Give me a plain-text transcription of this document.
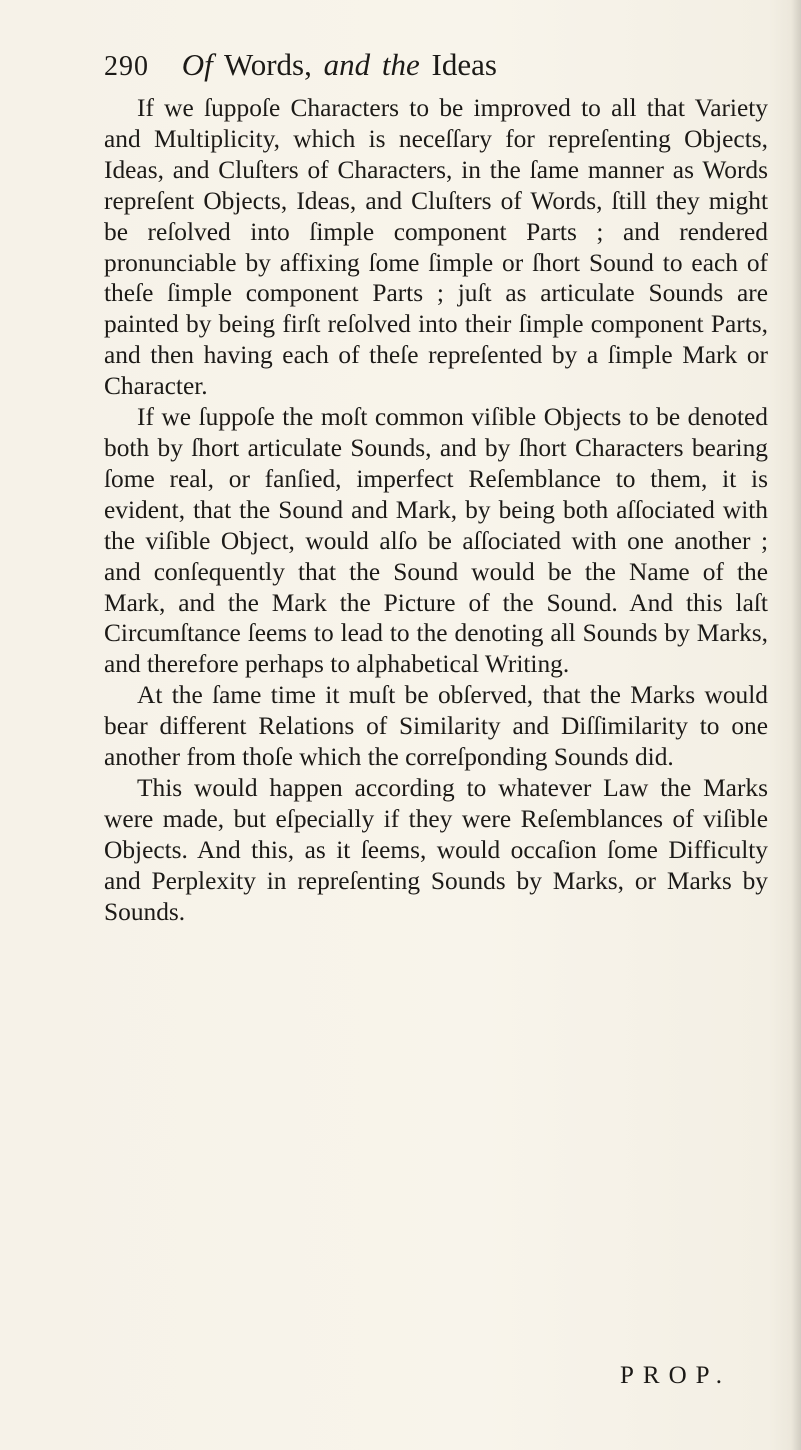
290 Of Words, and the Ideas

If we ſuppoſe Characters to be improved to all that Variety and Multiplicity, which is neceſſary for repreſenting Objects, Ideas, and Cluſters of Characters, in the ſame manner as Words repreſent Objects, Ideas, and Cluſters of Words, ſtill they might be reſolved into ſimple component Parts ; and rendered pronunciable by affixing ſome ſimple or ſhort Sound to each of theſe ſimple component Parts ; juſt as articulate Sounds are painted by being firſt reſolved into their ſimple component Parts, and then having each of theſe repreſented by a ſimple Mark or Character.

If we ſuppoſe the moſt common viſible Objects to be denoted both by ſhort articulate Sounds, and by ſhort Characters bearing ſome real, or fanſied, imperfect Reſemblance to them, it is evident, that the Sound and Mark, by being both aſſociated with the viſible Object, would alſo be aſſociated with one another ; and conſequently that the Sound would be the Name of the Mark, and the Mark the Picture of the Sound. And this laſt Circumſtance ſeems to lead to the denoting all Sounds by Marks, and therefore perhaps to alphabetical Writing.

At the ſame time it muſt be obſerved, that the Marks would bear different Relations of Similarity and Diſſimilarity to one another from thoſe which the correſponding Sounds did.

This would happen according to whatever Law the Marks were made, but eſpecially if they were Reſemblances of viſible Objects. And this, as it ſeems, would occaſion ſome Difficulty and Perplexity in repreſenting Sounds by Marks, or Marks by Sounds.

PROP.
